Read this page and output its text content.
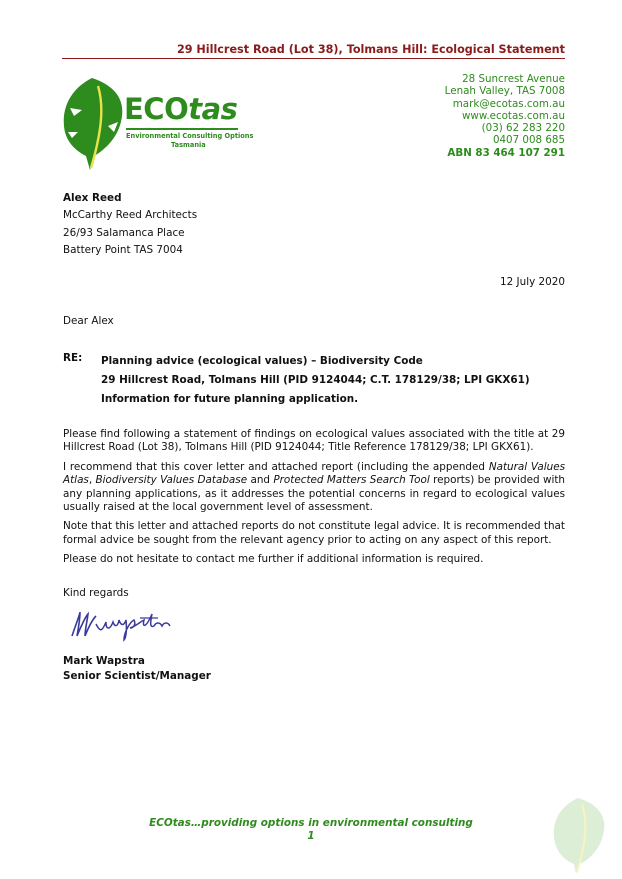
29 Hillcrest Road (Lot 38), Tolmans Hill: Ecological Statement
ECOtas
Environmental Consulting Options
Tasmania
28 Suncrest Avenue
Lenah Valley, TAS 7008
mark@ecotas.com.au
www.ecotas.com.au
(03) 62 283 220
0407 008 685
ABN 83 464 107 291
Alex Reed
McCarthy Reed Architects
26/93 Salamanca Place
Battery Point TAS 7004
12 July 2020
Dear Alex
RE: Planning advice (ecological values) – Biodiversity Code
29 Hillcrest Road, Tolmans Hill (PID 9124044; C.T. 178129/38; LPI GKX61)
Information for future planning application.

Please find following a statement of findings on ecological values associated with the title at 29 Hillcrest Road (Lot 38), Tolmans Hill (PID 9124044; Title Reference 178129/38; LPI GKX61).

I recommend that this cover letter and attached report (including the appended Natural Values Atlas, Biodiversity Values Database and Protected Matters Search Tool reports) be provided with any planning applications, as it addresses the potential concerns in regard to ecological values usually raised at the local government level of assessment.

Note that this letter and attached reports do not constitute legal advice. It is recommended that formal advice be sought from the relevant agency prior to acting on any aspect of this report.

Please do not hesitate to contact me further if additional information is required.

Kind regards
Mark Wapstra
Senior Scientist/Manager
ECOtas…providing options in environmental consulting
1
